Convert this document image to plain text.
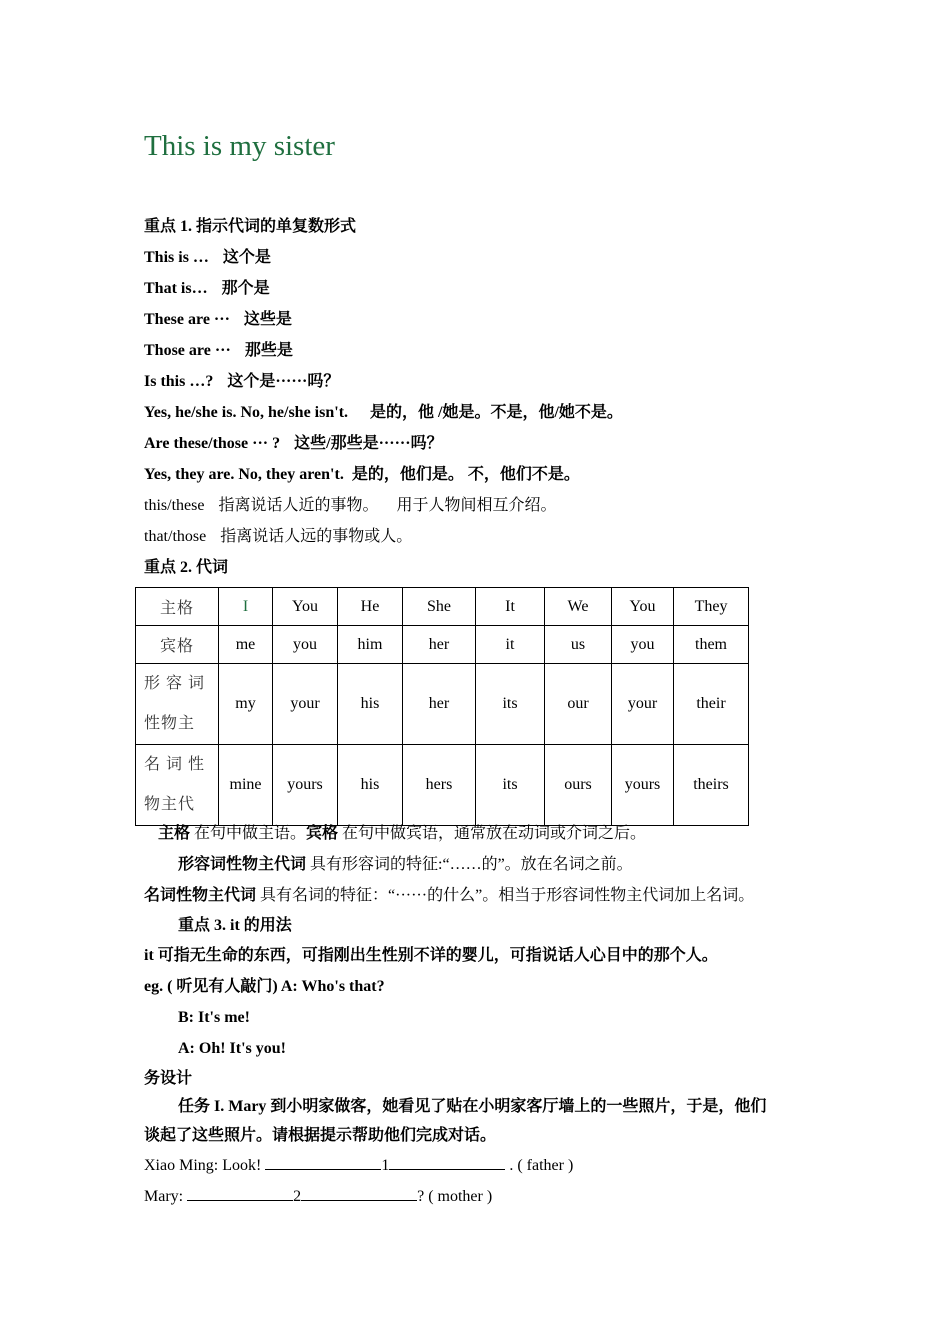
This is my sister
重点 1. 指示代词的单复数形式
This is … 这个是
That is… 那个是
These are ··· 这些是
Those are ··· 那些是
Is this …? 这个是······吗？
Yes, he/she is. No, he/she isn't. 是的，他 /她是。不是，他/她不是。
Are these/those ··· ? 这些/那些是······吗？
Yes, they are. No, they aren't. 是的，他们是。 不，他们不是。
this/these 指离说话人近的事物。 用于人物间相互介绍。
that/those 指离说话人远的事物或人。
重点 2. 代词
主格	I	You	He	She	It	We	You	They
宾格	me	you	him	her	it	us	you	them

形 容 词
性物主	my	your	his	her	its	our	your	their

名 词 性
物主代	mine	yours	his	hers	its	ours	yours	theirs
主格 在句中做主语。宾格 在句中做宾语，通常放在动词或介词之后。
形容词性物主代词 具有形容词的特征:“……的”。放在名词之前。
名词性物主代词 具有名词的特征：“······的什么”。相当于形容词性物主代词加上名词。
重点 3. it 的用法
it 可指无生命的东西，可指刚出生性别不详的婴儿，可指说话人心目中的那个人。
eg. ( 听见有人敲门) A: Who's that?
B: It's me!
A: Oh! It's you!
务设计
任务 I. Mary 到小明家做客，她看见了贴在小明家客厅墙上的一些照片，于是，他们
谈起了这些照片。请根据提示帮助他们完成对话。
Xiao Ming: Look!	1	. ( father )
Mary:	2	? ( mother )
